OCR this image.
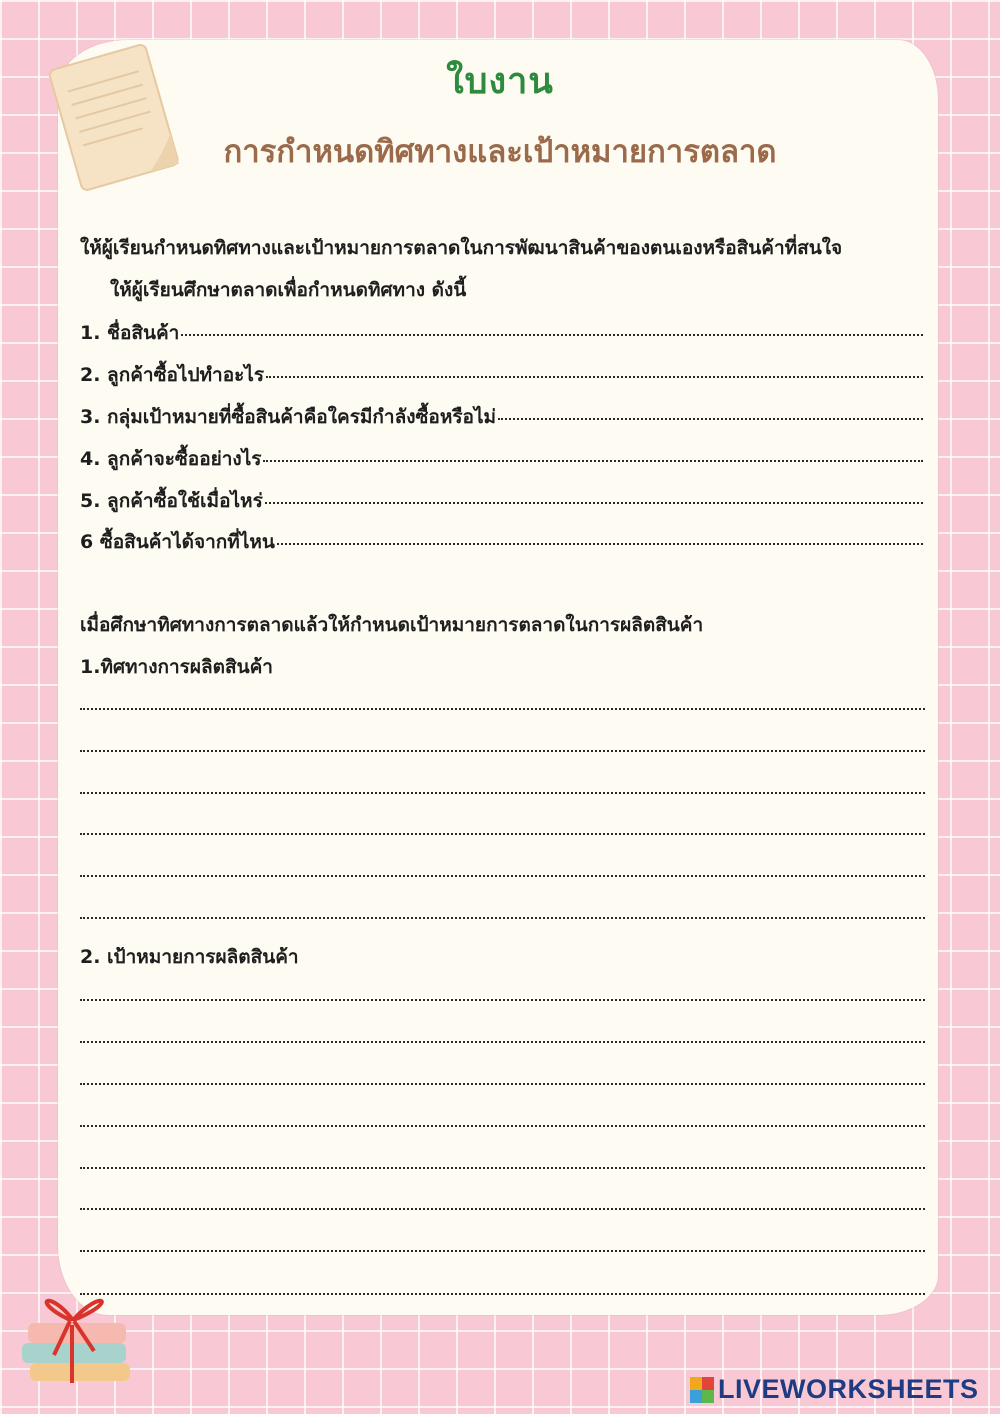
ใบงาน
การกำหนดทิศทางและเป้าหมายการตลาด
ให้ผู้เรียนกำหนดทิศทางและเป้าหมายการตลาดในการพัฒนาสินค้าของตนเองหรือสินค้าที่สนใจ
ให้ผู้เรียนศึกษาตลาดเพื่อกำหนดทิศทาง ดังนี้
1. ชื่อสินค้า
2. ลูกค้าซื้อไปทำอะไร
3. กลุ่มเป้าหมายที่ซื้อสินค้าคือใครมีกำลังซื้อหรือไม่
4. ลูกค้าจะซื้ออย่างไร
5. ลูกค้าซื้อใช้เมื่อไหร่
6 ซื้อสินค้าได้จากที่ไหน
เมื่อศึกษาทิศทางการตลาดแล้วให้กำหนดเป้าหมายการตลาดในการผลิตสินค้า
1.ทิศทางการผลิตสินค้า
2. เป้าหมายการผลิตสินค้า
LIVEWORKSHEETS
